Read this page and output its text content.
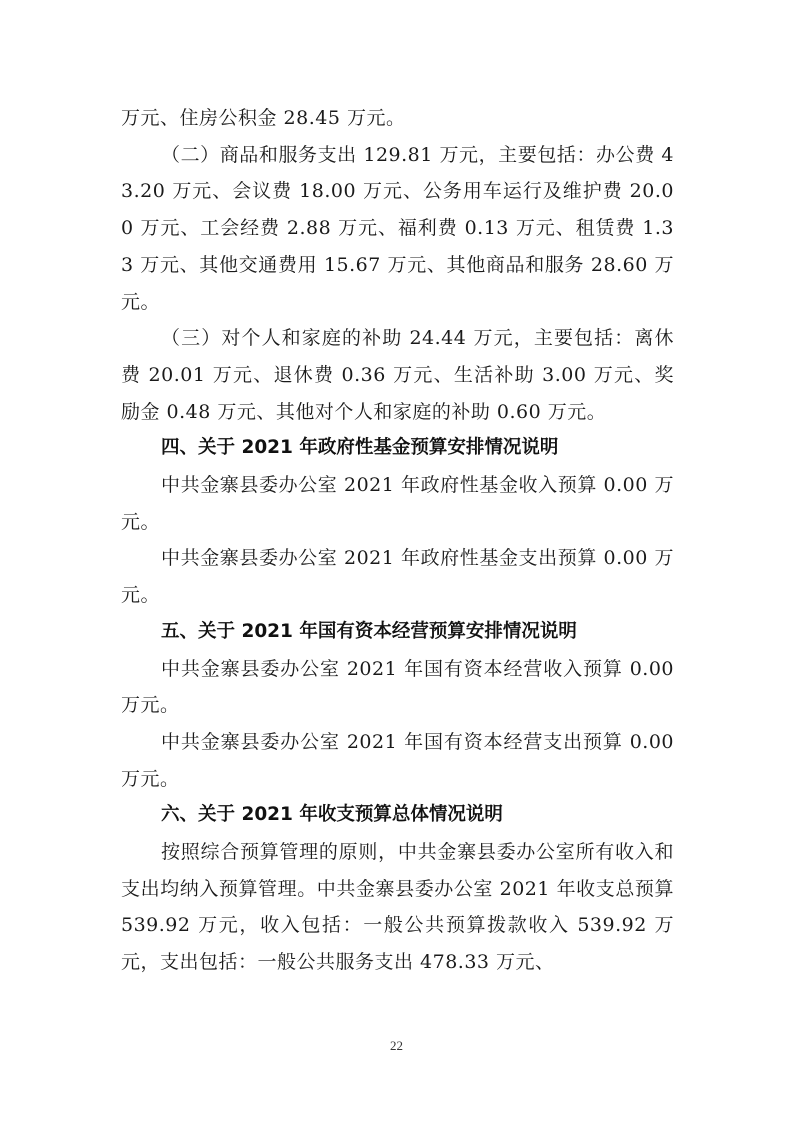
万元、住房公积金 28.45 万元。

（二）商品和服务支出 129.81 万元，主要包括：办公费 43.20 万元、会议费 18.00 万元、公务用车运行及维护费 20.00 万元、工会经费 2.88 万元、福利费 0.13 万元、租赁费 1.33 万元、其他交通费用 15.67 万元、其他商品和服务 28.60 万元。

（三）对个人和家庭的补助 24.44 万元，主要包括：离休费 20.01 万元、退休费 0.36 万元、生活补助 3.00 万元、奖励金 0.48 万元、其他对个人和家庭的补助 0.60 万元。

四、关于 2021 年政府性基金预算安排情况说明

中共金寨县委办公室 2021 年政府性基金收入预算 0.00 万元。

中共金寨县委办公室 2021 年政府性基金支出预算 0.00 万元。

五、关于 2021 年国有资本经营预算安排情况说明

中共金寨县委办公室 2021 年国有资本经营收入预算 0.00 万元。

中共金寨县委办公室 2021 年国有资本经营支出预算 0.00 万元。

六、关于 2021 年收支预算总体情况说明

按照综合预算管理的原则，中共金寨县委办公室所有收入和支出均纳入预算管理。中共金寨县委办公室 2021 年收支总预算 539.92 万元，收入包括：一般公共预算拨款收入 539.92 万元，支出包括：一般公共服务支出 478.33 万元、

22
